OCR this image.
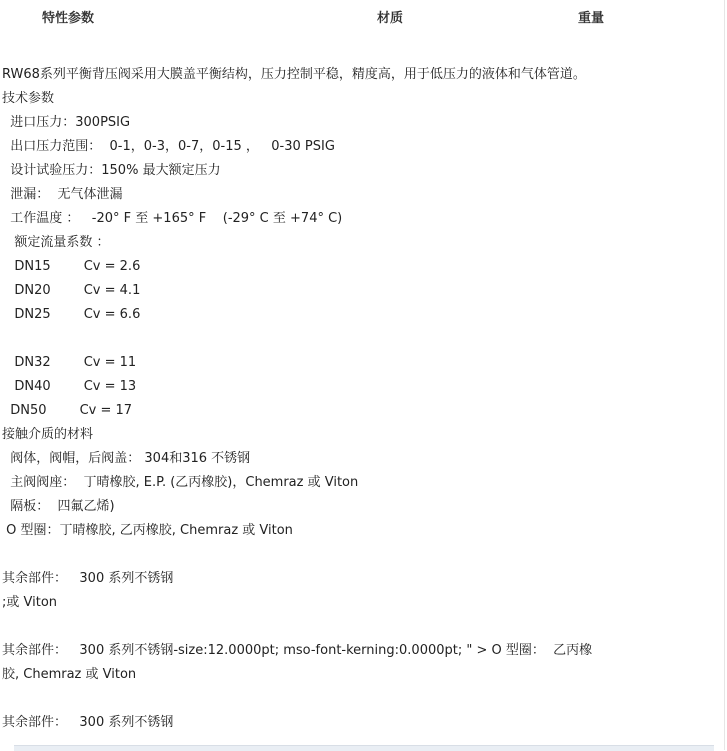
特性参数	材质	重量
RW68系列平衡背压阀采用大膜盖平衡结构，压力控制平稳，精度高，用于低压力的液体和气体管道。
技术参数
进口压力：300PSIG
出口压力范围：  0-1，0-3，0-7，0-15 ，   0-30 PSIG
设计试验压力：150% 最大额定压力
泄漏：  无气体泄漏
工作温度 ：   -20° F 至 +165° F    (-29° C 至 +74° C)
额定流量系数 ：
DN15        Cv = 2.6
DN20        Cv = 4.1
DN25        Cv = 6.6
DN32        Cv = 11
DN40        Cv = 13
DN50        Cv = 17
接触介质的材料
阀体，阀帽，后阀盖： 304和316 不锈钢
主阀阀座：  丁晴橡胶, E.P. (乙丙橡胶)，Chemraz 或 Viton
隔板：  四氟乙烯)
O 型圈：丁晴橡胶, 乙丙橡胶, Chemraz 或 Viton
其余部件：   300 系列不锈钢
;或 Viton
其余部件：   300 系列不锈钢-size:12.0000pt; mso-font-kerning:0.0000pt; " > O 型圈：  乙丙橡
胶, Chemraz 或 Viton
其余部件：   300 系列不锈钢
